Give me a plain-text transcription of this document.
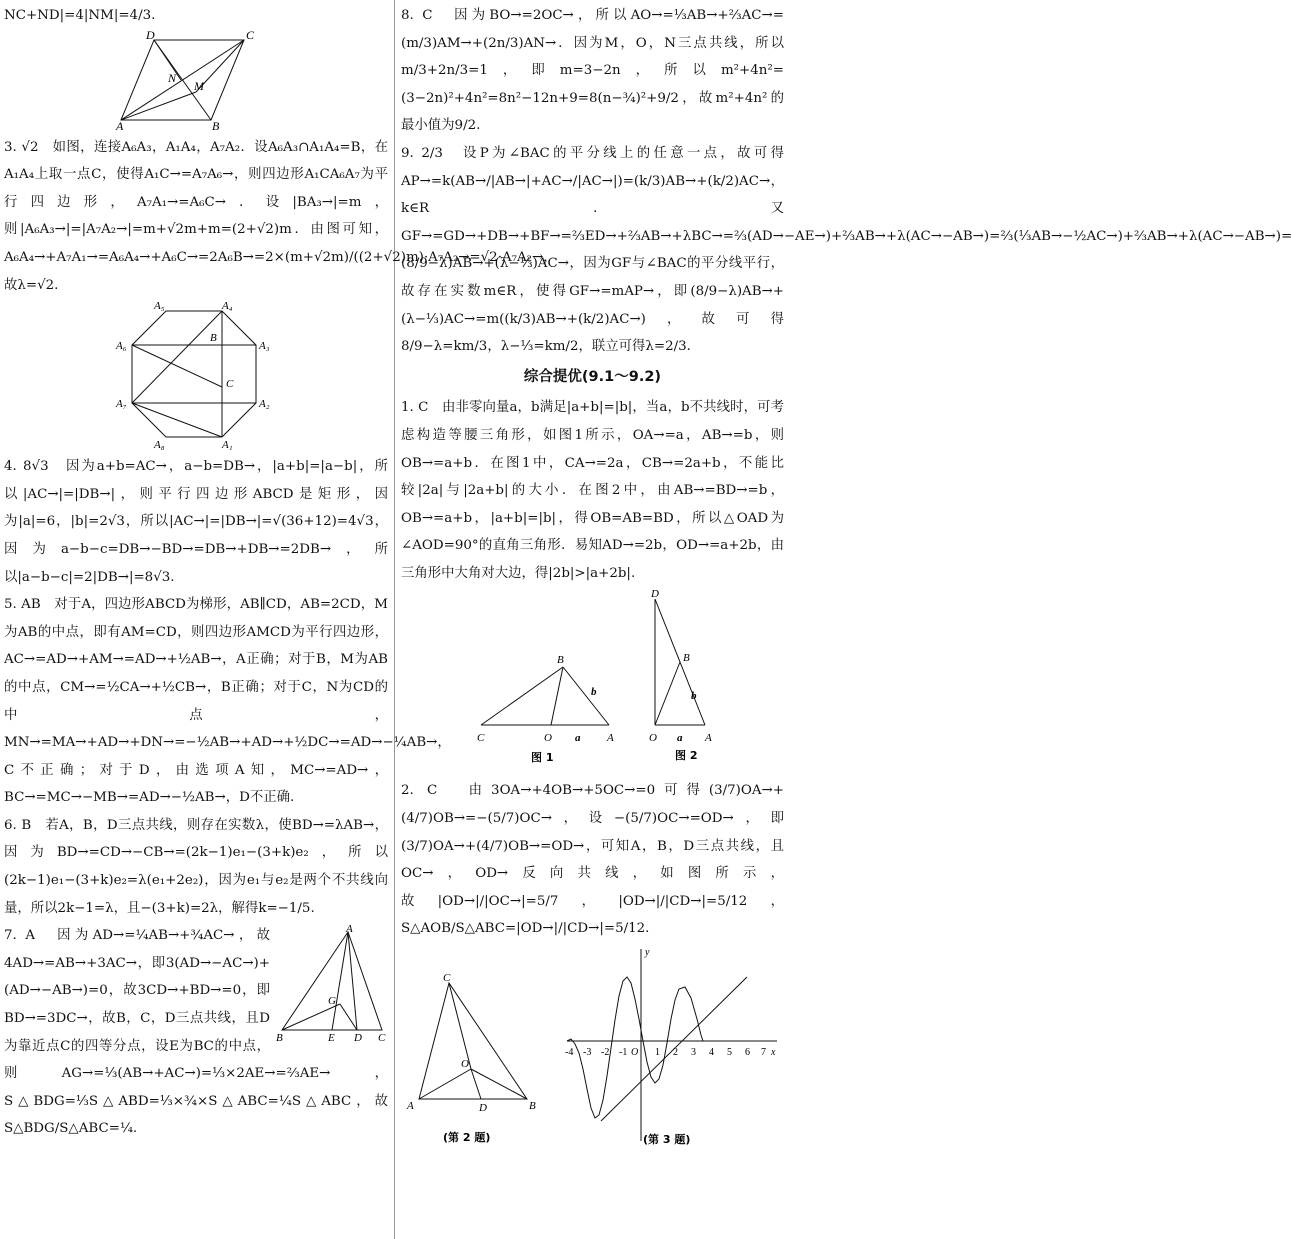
NC+ND|=4|NM|=4/3.

D	C
N
M
A	B

3. √2　如图，连接A₆A₃，A₁A₄，A₇A₂．设A₆A₃∩A₁A₄=B，在A₁A₄上取一点C，使得A₁C→=A₇A₆→，则四边形A₁CA₆A₇为平行四边形，A₇A₁→=A₆C→．设|BA₃→|=m，则|A₆A₃→|=|A₇A₂→|=m+√2m+m=(2+√2)m．由图可知，A₆A₄→+A₇A₁→=A₆A₄→+A₆C→=2A₆B→=2×(m+√2m)/((2+√2)m)·A₇A₂→=√2·A₇A₂→，故λ=√2.

A₅	A₄
B
A₆	A₃
C
A₇	A₂
A₈	A₁

4. 8√3　因为a+b=AC→，a−b=DB→，|a+b|=|a−b|，所以|AC→|=|DB→|，则平行四边形ABCD是矩形，因为|a|=6，|b|=2√3，所以|AC→|=|DB→|=√(36+12)=4√3，因为a−b−c=DB→−BD→=DB→+DB→=2DB→，所以|a−b−c|=2|DB→|=8√3.

5. AB　对于A，四边形ABCD为梯形，AB∥CD，AB=2CD，M为AB的中点，即有AM=CD，则四边形AMCD为平行四边形，AC→=AD→+AM→=AD→+½AB→，A正确；对于B，M为AB的中点，CM→=½CA→+½CB→，B正确；对于C，N为CD的中点，MN→=MA→+AD→+DN→=−½AB→+AD→+½DC→=AD→−¼AB→，C不正确；对于D，由选项A知，MC→=AD→，BC→=MC→−MB→=AD→−½AB→，D不正确.

6. B　若A，B，D三点共线，则存在实数λ，使BD→=λAB→，因为BD→=CD→−CB→=(2k−1)e₁−(3+k)e₂，所以(2k−1)e₁−(3+k)e₂=λ(e₁+2e₂)，因为e₁与e₂是两个不共线向量，所以2k−1=λ，且−(3+k)=2λ，解得k=−1/5.

A
G
B	E D C

7. A　因为AD→=¼AB→+¾AC→，故4AD→=AB→+3AC→，即3(AD→−AC→)+(AD→−AB→)=0，故3CD→+BD→=0，即BD→=3DC→，故B，C，D三点共线，且D为靠近点C的四等分点，设E为BC的中点，则AG→=⅓(AB→+AC→)=⅓×2AE→=⅔AE→，S△BDG=⅓S△ABD=⅓×¾×S△ABC=¼S△ABC，故S△BDG/S△ABC=¼.

8. C　因为BO→=2OC→，所以AO→=⅓AB→+⅔AC→=(m/3)AM→+(2n/3)AN→．因为M，O，N三点共线，所以m/3+2n/3=1，即m=3−2n，所以m²+4n²=(3−2n)²+4n²=8n²−12n+9=8(n−¾)²+9/2，故m²+4n²的最小值为9/2.

9. 2/3　设P为∠BAC的平分线上的任意一点，故可得AP→=k(AB→/|AB→|+AC→/|AC→|)=(k/3)AB→+(k/2)AC→，k∈R．又GF→=GD→+DB→+BF→=⅔ED→+⅔AB→+λBC→=⅔(AD→−AE→)+⅔AB→+λ(AC→−AB→)=⅔(⅓AB→−½AC→)+⅔AB→+λ(AC→−AB→)=(8/9−λ)AB→+(λ−⅓)AC→，因为GF与∠BAC的平分线平行，故存在实数m∈R，使得GF→=mAP→，即(8/9−λ)AB→+(λ−⅓)AC→=m((k/3)AB→+(k/2)AC→)，故可得8/9−λ=km/3，λ−⅓=km/2，联立可得λ=2/3.

综合提优(9.1～9.2)

1. C　由非零向量a，b满足|a+b|=|b|，当a，b不共线时，可考虑构造等腰三角形，如图1所示，OA→=a，AB→=b，则OB→=a+b．在图1中，CA→=2a，CB→=2a+b，不能比较|2a|与|2a+b|的大小．在图2中，由AB→=BD→=b，OB→=a+b，|a+b|=|b|，得OB=AB=BD，所以△OAD为∠AOD=90°的直角三角形．易知AD→=2b，OD→=a+2b，由三角形中大角对大边，得|2b|>|a+2b|.

B
b
C	O a A
图 1
D
B
b
O a A
图 2

2. C　由3OA→+4OB→+5OC→=0可得(3/7)OA→+(4/7)OB→=−(5/7)OC→，设−(5/7)OC→=OD→，即(3/7)OA→+(4/7)OB→=OD→，可知A，B，D三点共线，且OC→，OD→反向共线，如图所示，故|OD→|/|OC→|=5/7，|OD→|/|CD→|=5/12，S△AOB/S△ABC=|OD→|/|CD→|=5/12.

C
O
A	D	B
(第 2 题)
-4 -3 -2 -1 O 1 2 3 4 5 6 7 x
y
(第 3 题)
